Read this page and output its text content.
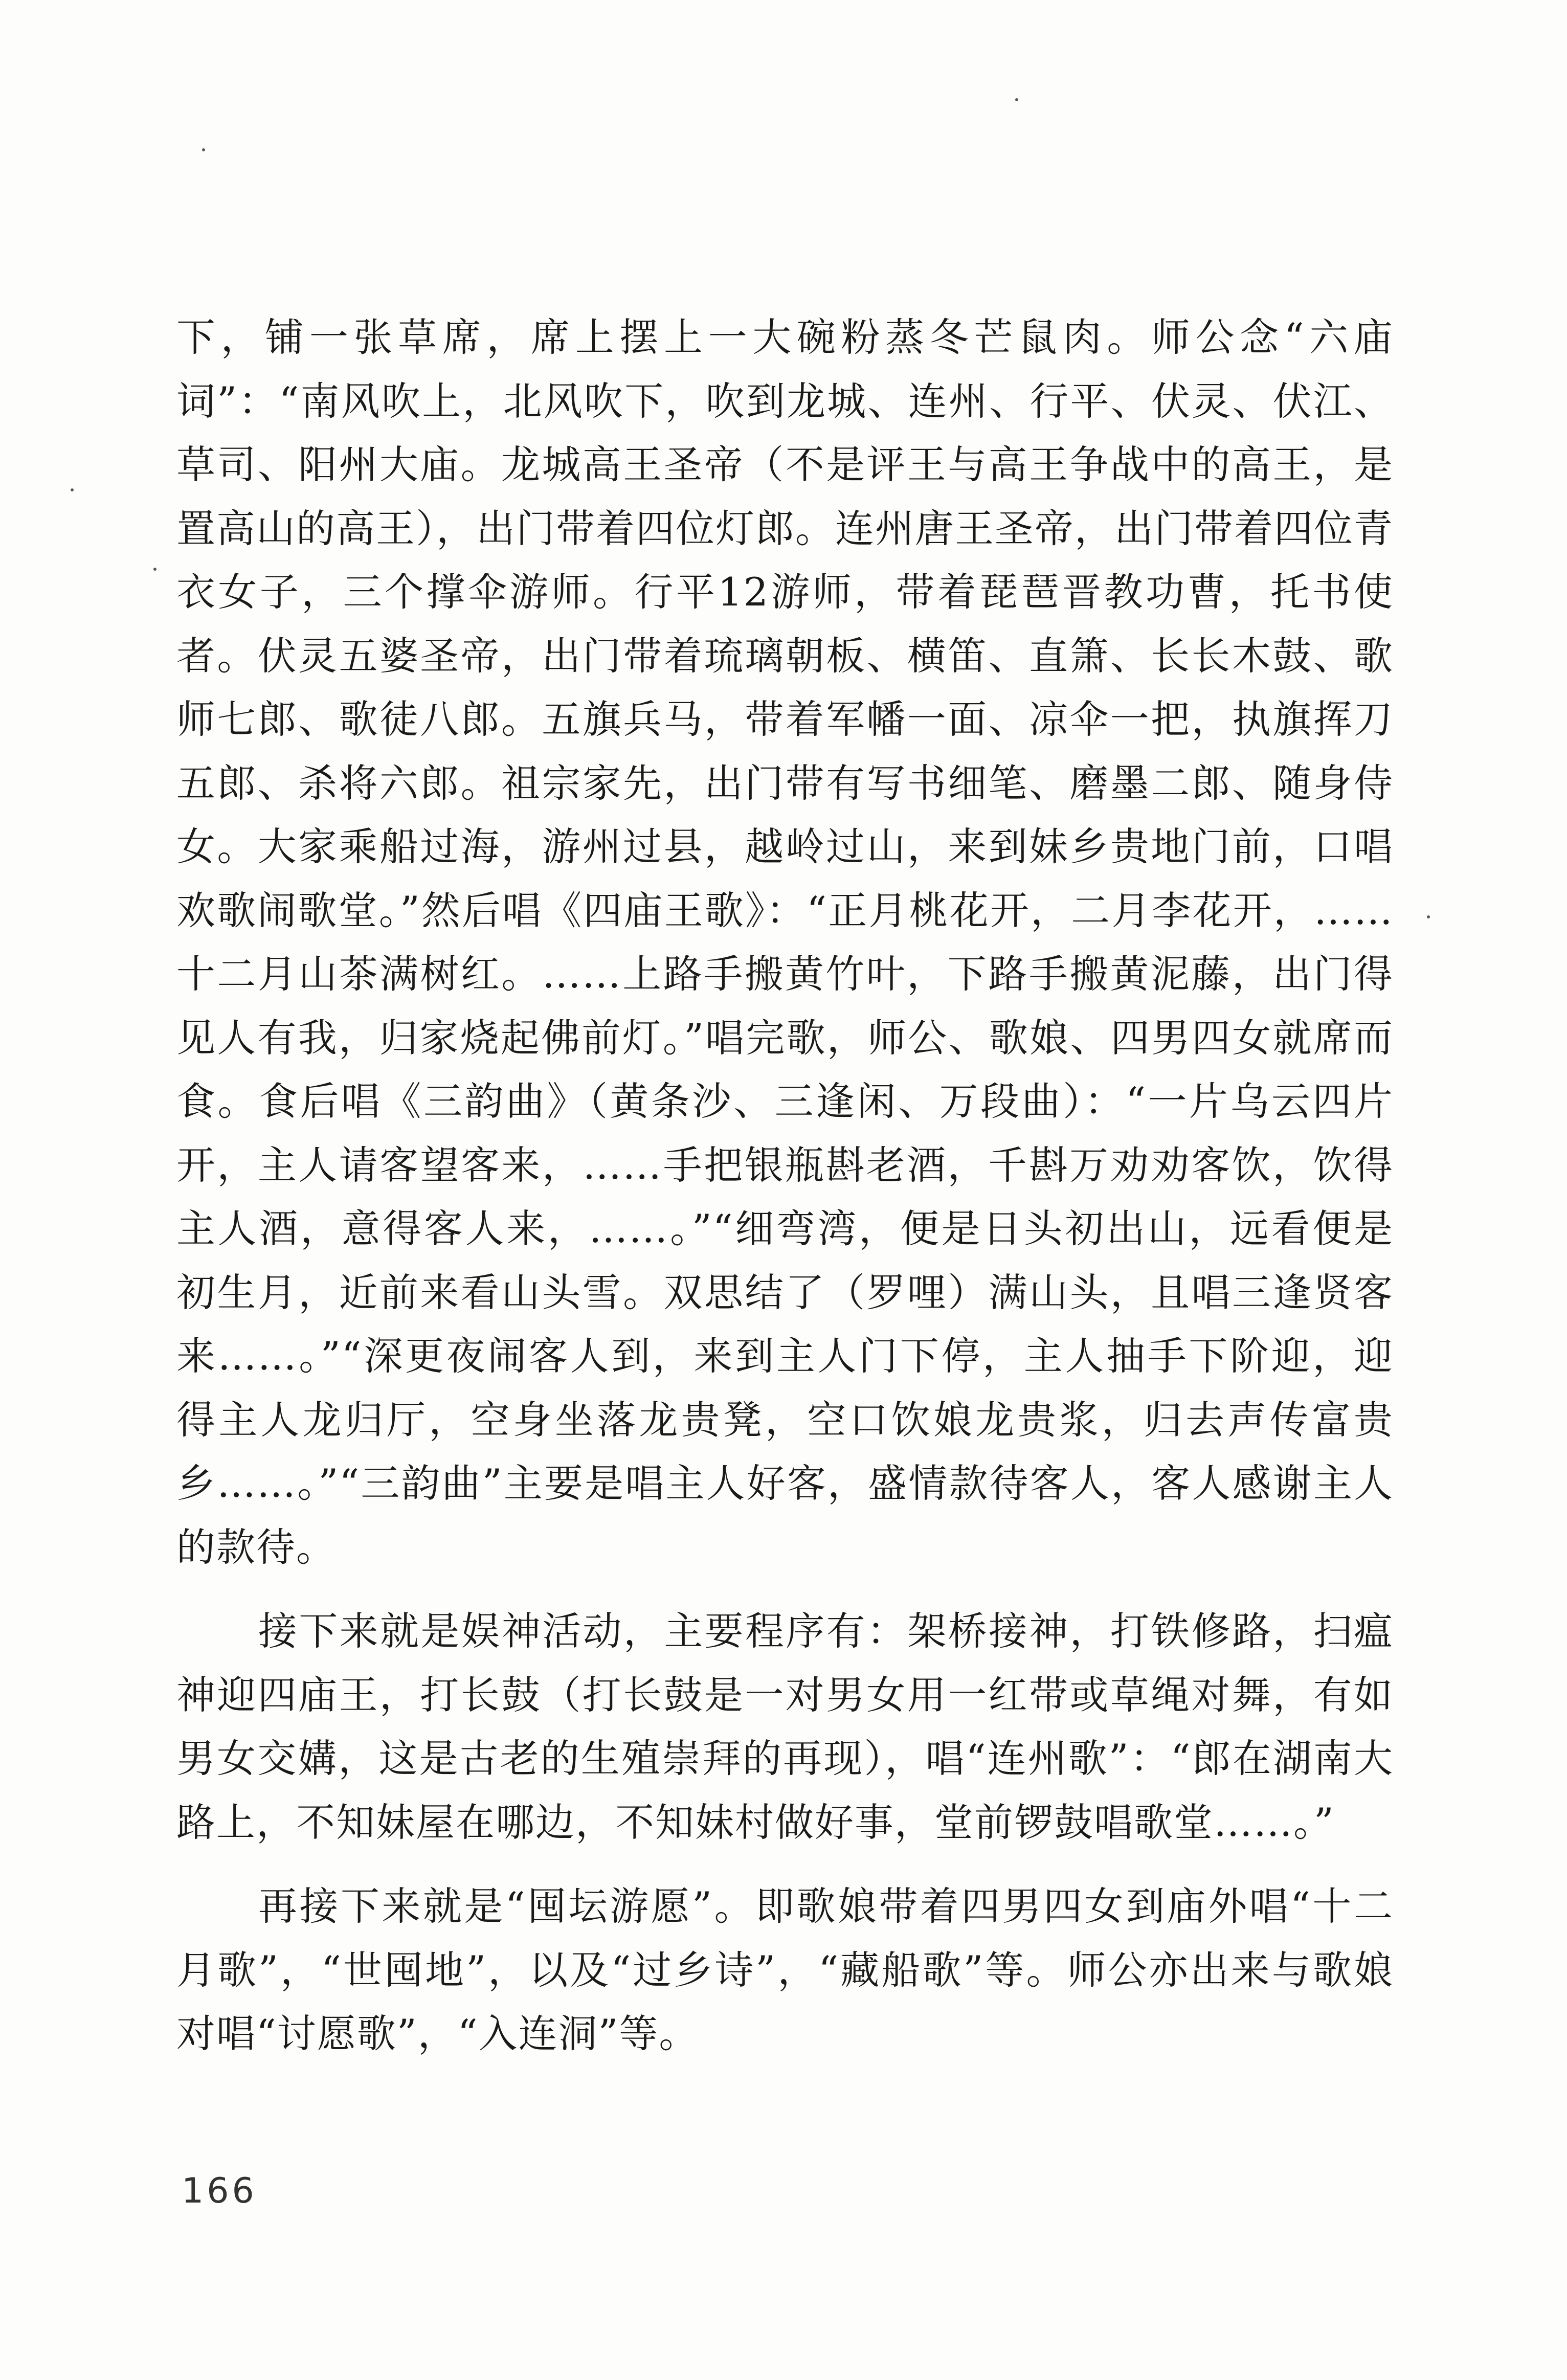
下，铺一张草席，席上摆上一大碗粉蒸冬芒鼠肉。师公念“六庙词”：“南风吹上，北风吹下，吹到龙城、连州、行平、伏灵、伏江、草司、阳州大庙。龙城高王圣帝（不是评王与高王争战中的高王，是置高山的高王），出门带着四位灯郎。连州唐王圣帝，出门带着四位青衣女子，三个撑伞游师。行平12游师，带着琵琶晋教功曹，托书使者。伏灵五婆圣帝，出门带着琉璃朝板、横笛、直箫、长长木鼓、歌师七郎、歌徒八郎。五旗兵马，带着军幡一面、凉伞一把，执旗挥刀五郎、杀将六郎。祖宗家先，出门带有写书细笔、磨墨二郎、随身侍女。大家乘船过海，游州过县，越岭过山，来到妹乡贵地门前，口唱欢歌闹歌堂。”然后唱《四庙王歌》：“正月桃花开，二月李花开，……十二月山茶满树红。……上路手搬黄竹叶，下路手搬黄泥藤，出门得见人有我，归家烧起佛前灯。”唱完歌，师公、歌娘、四男四女就席而食。食后唱《三韵曲》（黄条沙、三逢闲、万段曲）：“一片乌云四片开，主人请客望客来，……手把银瓶斟老酒，千斟万劝劝客饮，饮得主人酒，意得客人来，……。”“细弯湾，便是日头初出山，远看便是初生月，近前来看山头雪。双思结了（罗哩）满山头，且唱三逢贤客来……。”“深更夜闹客人到，来到主人门下停，主人抽手下阶迎，迎得主人龙归厅，空身坐落龙贵凳，空口饮娘龙贵浆，归去声传富贵乡……。”“三韵曲”主要是唱主人好客，盛情款待客人，客人感谢主人的款待。

接下来就是娱神活动，主要程序有：架桥接神，打铁修路，扫瘟神迎四庙王，打长鼓（打长鼓是一对男女用一红带或草绳对舞，有如男女交媾，这是古老的生殖崇拜的再现），唱“连州歌”：“郎在湖南大路上，不知妹屋在哪边，不知妹村做好事，堂前锣鼓唱歌堂……。”

再接下来就是“囤坛游愿”。即歌娘带着四男四女到庙外唱“十二月歌”，“世囤地”，以及“过乡诗”，“藏船歌”等。师公亦出来与歌娘对唱“讨愿歌”，“入连洞”等。

166
